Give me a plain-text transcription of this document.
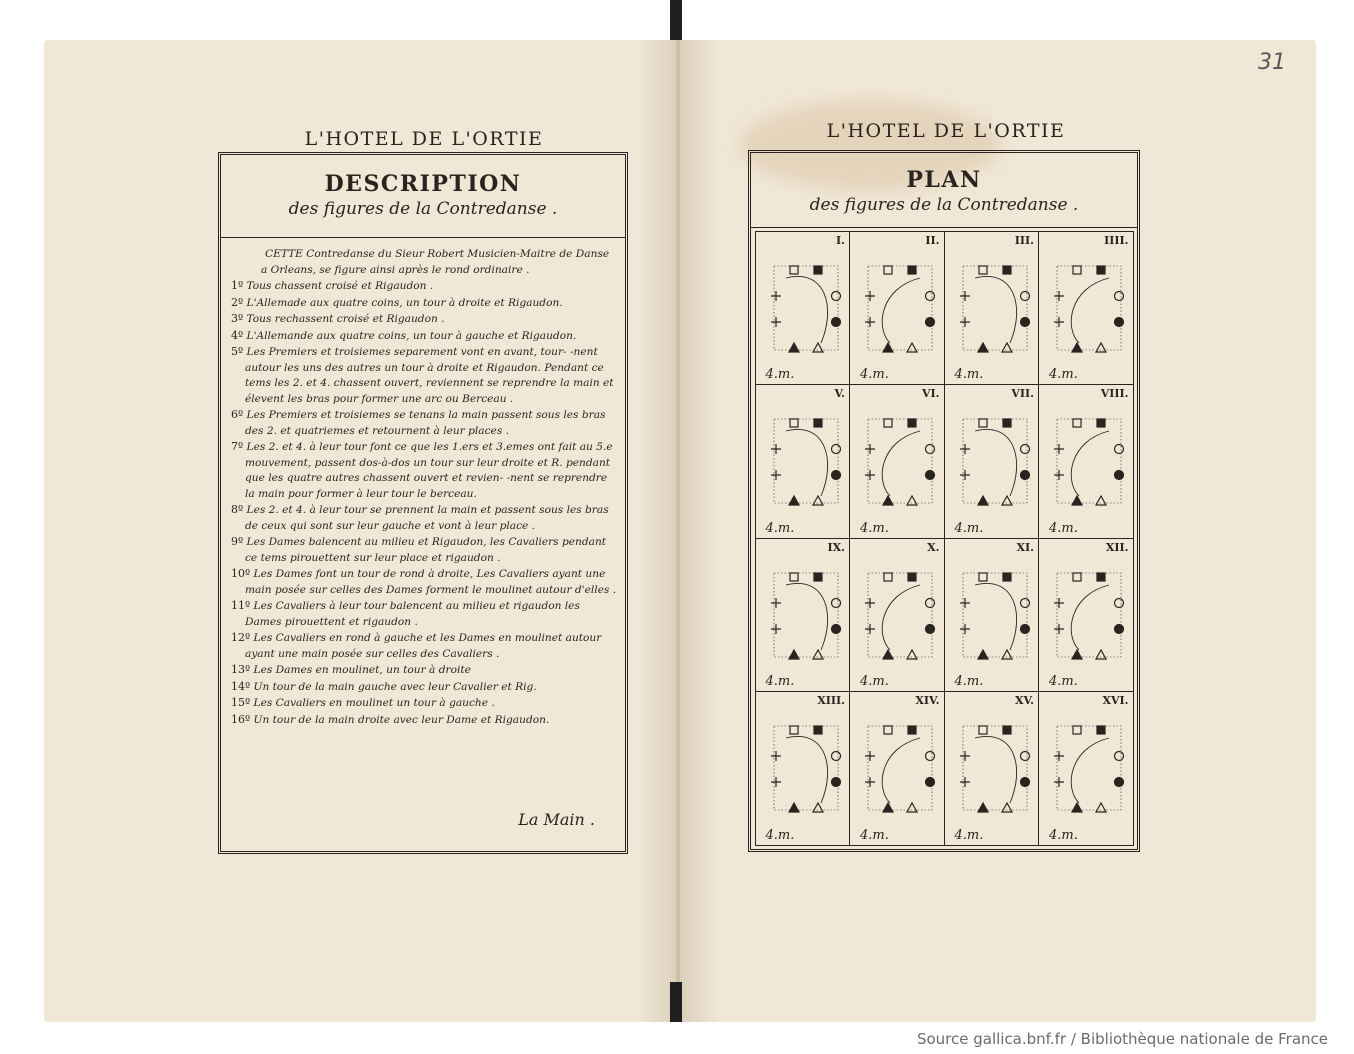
L'HOTEL DE L'ORTIE
DESCRIPTION
des figures de la Contredanse .

CETTE Contredanse du Sieur Robert Musicien-Maitre de Danse a Orleans, se figure ainsi après le rond ordinaire .

1º Tous chassent croisé et Rigaudon .

2º L'Allemade aux quatre coins, un tour à droite et Rigaudon.

3º Tous rechassent croisé et Rigaudon .

4º L'Allemande aux quatre coins, un tour à gauche et Rigaudon.

5º Les Premiers et troisiemes separement vont en avant, tour- -nent autour les uns des autres un tour à droite et Rigaudon. Pendant ce tems les 2. et 4. chassent ouvert, reviennent se reprendre la main et élevent les bras pour former une arc ou Berceau .

6º Les Premiers et troisiemes se tenans la main passent sous les bras des 2. et quatriemes et retournent à leur places .

7º Les 2. et 4. à leur tour font ce que les 1.ers et 3.emes ont fait au 5.e mouvement, passent dos-à-dos un tour sur leur droite et R. pendant que les quatre autres chassent ouvert et revien- -nent se reprendre la main pour former à leur tour le berceau.

8º Les 2. et 4. à leur tour se prennent la main et passent sous les bras de ceux qui sont sur leur gauche et vont à leur place .

9º Les Dames balencent au milieu et Rigaudon, les Cavaliers pendant ce tems pirouettent sur leur place et rigaudon .

10º Les Dames font un tour de rond à droite, Les Cavaliers ayant une main posée sur celles des Dames forment le moulinet autour d'elles .

11º Les Cavaliers à leur tour balencent au milieu et rigaudon les Dames pirouettent et rigaudon .

12º Les Cavaliers en rond à gauche et les Dames en moulinet autour ayant une main posée sur celles des Cavaliers .

13º Les Dames en moulinet, un tour à droite

14º Un tour de la main gauche avec leur Cavalier et Rig.

15º Les Cavaliers en moulinet un tour à gauche .

16º Un tour de la main droite avec leur Dame et Rigaudon.

La Main .
L'HOTEL DE L'ORTIE
PLAN
des figures de la Contredanse .
I.
4.m.
II.
4.m.
III.
4.m.
IIII.
4.m.
V.
4.m.
VI.
4.m.
VII.
4.m.
VIII.
4.m.
IX.
4.m.
X.
4.m.
XI.
4.m.
XII.
4.m.
XIII.
4.m.
XIV.
4.m.
XV.
4.m.
XVI.
4.m.
31
Source gallica.bnf.fr / Bibliothèque nationale de France
